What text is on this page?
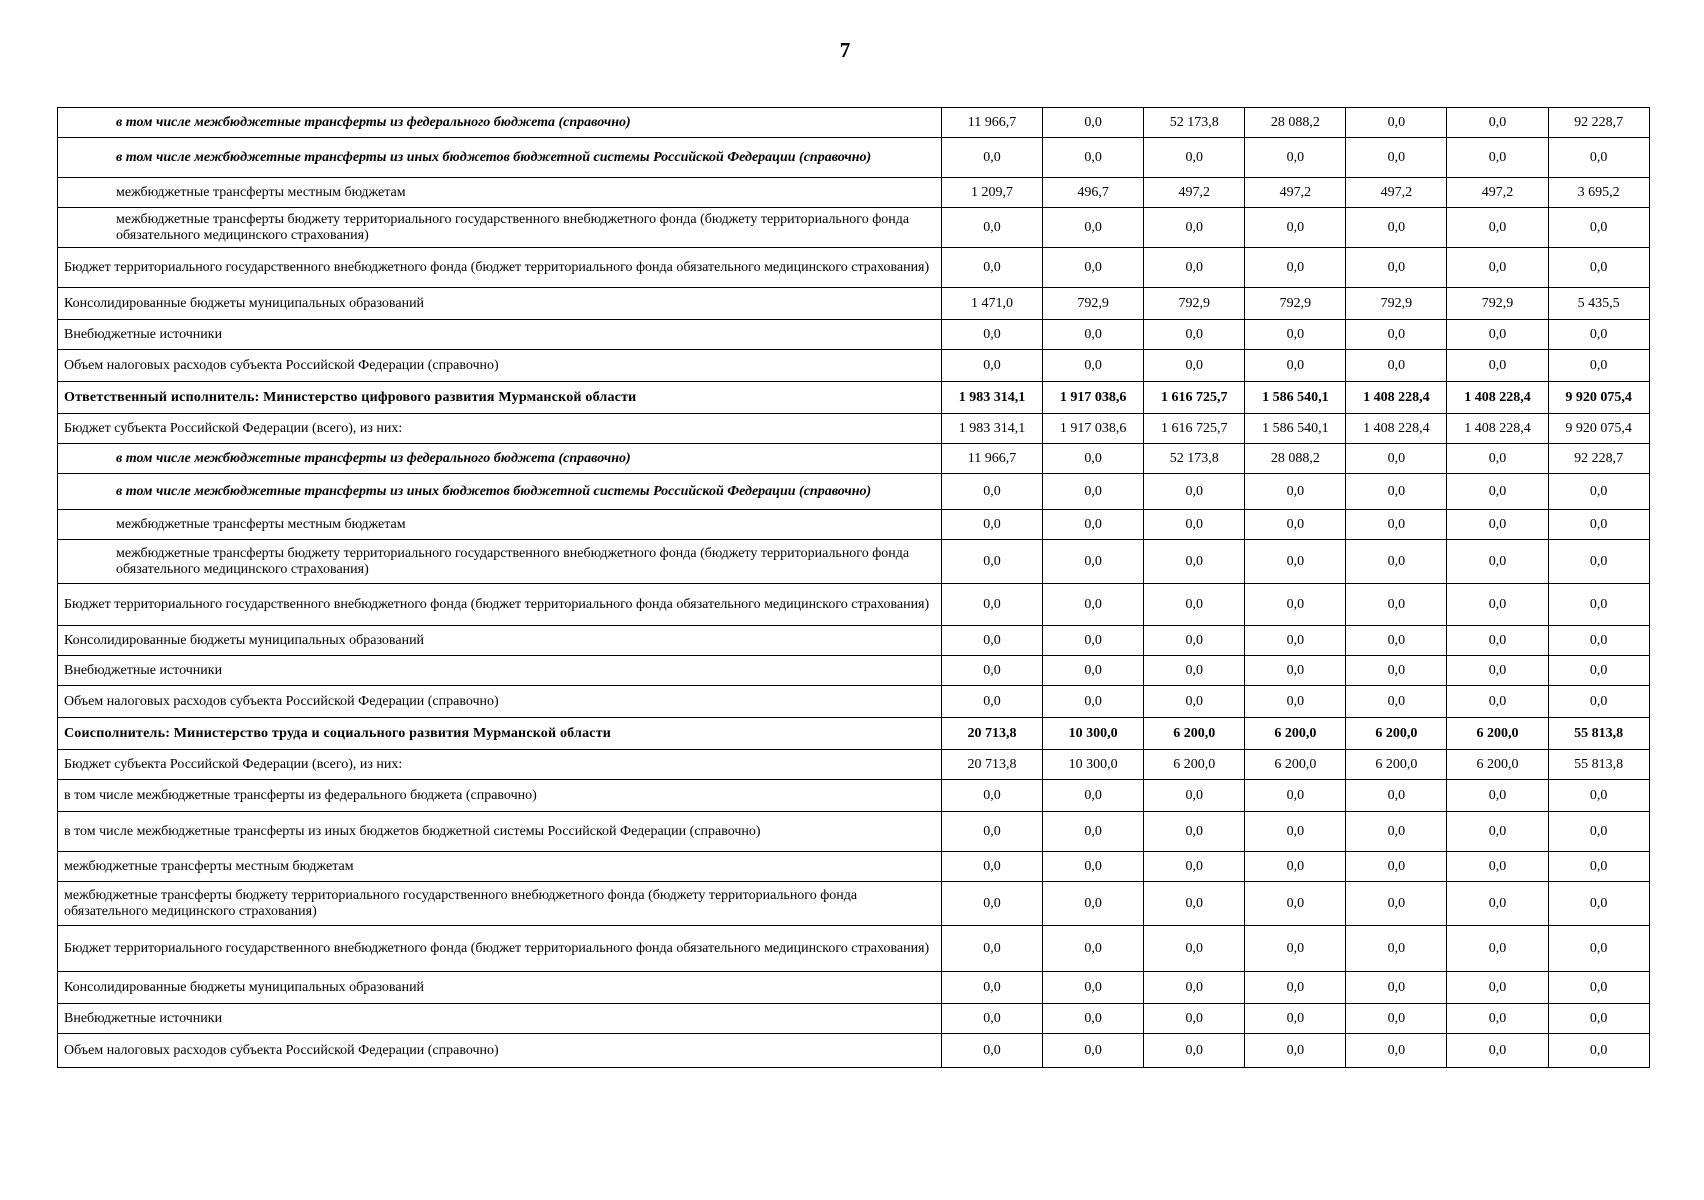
7
в том числе межбюджетные трансферты из федерального бюджета (справочно)	11 966,7	0,0	52 173,8	28 088,2	0,0	0,0	92 228,7

в том числе межбюджетные трансферты из иных бюджетов бюджетной системы Российской Федерации (справочно)	0,0	0,0	0,0	0,0	0,0	0,0	0,0

межбюджетные трансферты местным бюджетам	1 209,7	496,7	497,2	497,2	497,2	497,2	3 695,2

межбюджетные трансферты бюджету территориального государственного внебюджетного фонда (бюджету территориального фонда обязательного медицинского страхования)	0,0	0,0	0,0	0,0	0,0	0,0	0,0

Бюджет территориального государственного внебюджетного фонда (бюджет территориального фонда обязательного медицинского страхования)	0,0	0,0	0,0	0,0	0,0	0,0	0,0

Консолидированные бюджеты муниципальных образований	1 471,0	792,9	792,9	792,9	792,9	792,9	5 435,5

Внебюджетные источники	0,0	0,0	0,0	0,0	0,0	0,0	0,0

Объем налоговых расходов субъекта Российской Федерации (справочно)	0,0	0,0	0,0	0,0	0,0	0,0	0,0

Ответственный исполнитель: Министерство цифрового развития Мурманской области	1 983 314,1	1 917 038,6	1 616 725,7	1 586 540,1	1 408 228,4	1 408 228,4	9 920 075,4

Бюджет субъекта Российской Федерации (всего), из них:	1 983 314,1	1 917 038,6	1 616 725,7	1 586 540,1	1 408 228,4	1 408 228,4	9 920 075,4

в том числе межбюджетные трансферты из федерального бюджета (справочно)	11 966,7	0,0	52 173,8	28 088,2	0,0	0,0	92 228,7

в том числе межбюджетные трансферты из иных бюджетов бюджетной системы Российской Федерации (справочно)	0,0	0,0	0,0	0,0	0,0	0,0	0,0

межбюджетные трансферты местным бюджетам	0,0	0,0	0,0	0,0	0,0	0,0	0,0

межбюджетные трансферты бюджету территориального государственного внебюджетного фонда (бюджету территориального фонда обязательного медицинского страхования)	0,0	0,0	0,0	0,0	0,0	0,0	0,0

Бюджет территориального государственного внебюджетного фонда (бюджет территориального фонда обязательного медицинского страхования)	0,0	0,0	0,0	0,0	0,0	0,0	0,0

Консолидированные бюджеты муниципальных образований	0,0	0,0	0,0	0,0	0,0	0,0	0,0

Внебюджетные источники	0,0	0,0	0,0	0,0	0,0	0,0	0,0

Объем налоговых расходов субъекта Российской Федерации (справочно)	0,0	0,0	0,0	0,0	0,0	0,0	0,0

Соисполнитель: Министерство труда и социального развития Мурманской области	20 713,8	10 300,0	6 200,0	6 200,0	6 200,0	6 200,0	55 813,8

Бюджет субъекта Российской Федерации (всего), из них:	20 713,8	10 300,0	6 200,0	6 200,0	6 200,0	6 200,0	55 813,8

в том числе межбюджетные трансферты из федерального бюджета (справочно)	0,0	0,0	0,0	0,0	0,0	0,0	0,0

в том числе межбюджетные трансферты из иных бюджетов бюджетной системы Российской Федерации (справочно)	0,0	0,0	0,0	0,0	0,0	0,0	0,0

межбюджетные трансферты местным бюджетам	0,0	0,0	0,0	0,0	0,0	0,0	0,0

межбюджетные трансферты бюджету территориального государственного внебюджетного фонда (бюджету территориального фонда обязательного медицинского страхования)	0,0	0,0	0,0	0,0	0,0	0,0	0,0

Бюджет территориального государственного внебюджетного фонда (бюджет территориального фонда обязательного медицинского страхования)	0,0	0,0	0,0	0,0	0,0	0,0	0,0

Консолидированные бюджеты муниципальных образований	0,0	0,0	0,0	0,0	0,0	0,0	0,0

Внебюджетные источники	0,0	0,0	0,0	0,0	0,0	0,0	0,0

Объем налоговых расходов субъекта Российской Федерации (справочно)	0,0	0,0	0,0	0,0	0,0	0,0	0,0
